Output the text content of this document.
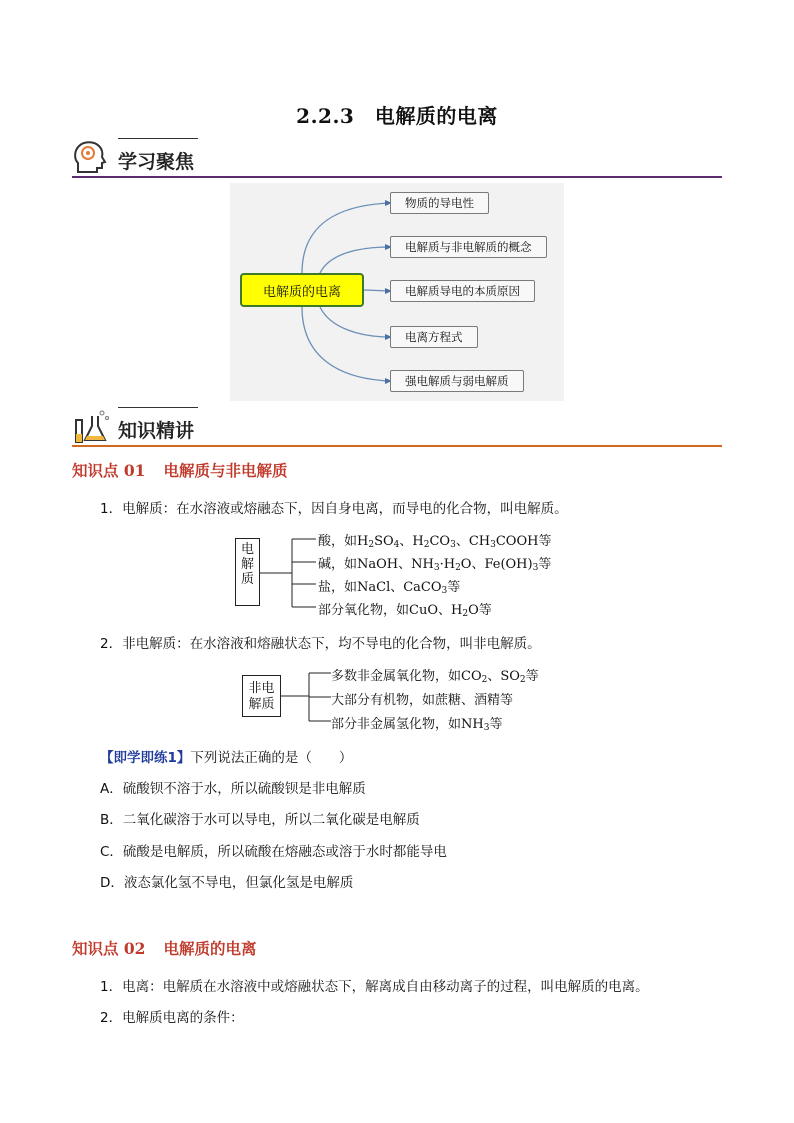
2.2.3　电解质的电离
学习聚焦
电解质的电离
物质的导电性
电解质与非电解质的概念
电解质导电的本质原因
电离方程式
强电解质与弱电解质
知识精讲
知识点 01 电解质与非电解质
1．电解质：在水溶液或熔融态下，因自身电离，而导电的化合物，叫电解质。
电
解
质
酸，如$H_2SO_4$、$H_2CO_3$、$CH_3COOH$等
碱，如NaOH、$NH_3\cdot H_2O$、$Fe(OH)_3$等
盐，如NaCl、CaCO$_3$等
部分氧化物，如CuO、$H_2O$等
2．非电解质：在水溶液和熔融状态下，均不导电的化合物，叫非电解质。
非电
解质
多数非金属氧化物，如$CO_2$、$SO_2$等
大部分有机物，如蔗糖、酒精等
部分非金属氢化物，如$NH_3$等
【即学即练1】下列说法正确的是（　　）
A．硫酸钡不溶于水，所以硫酸钡是非电解质
B．二氧化碳溶于水可以导电，所以二氧化碳是电解质
C．硫酸是电解质，所以硫酸在熔融态或溶于水时都能导电
D．液态氯化氢不导电，但氯化氢是电解质
知识点 02 电解质的电离
1．电离：电解质在水溶液中或熔融状态下，解离成自由移动离子的过程，叫电解质的电离。
2．电解质电离的条件：
